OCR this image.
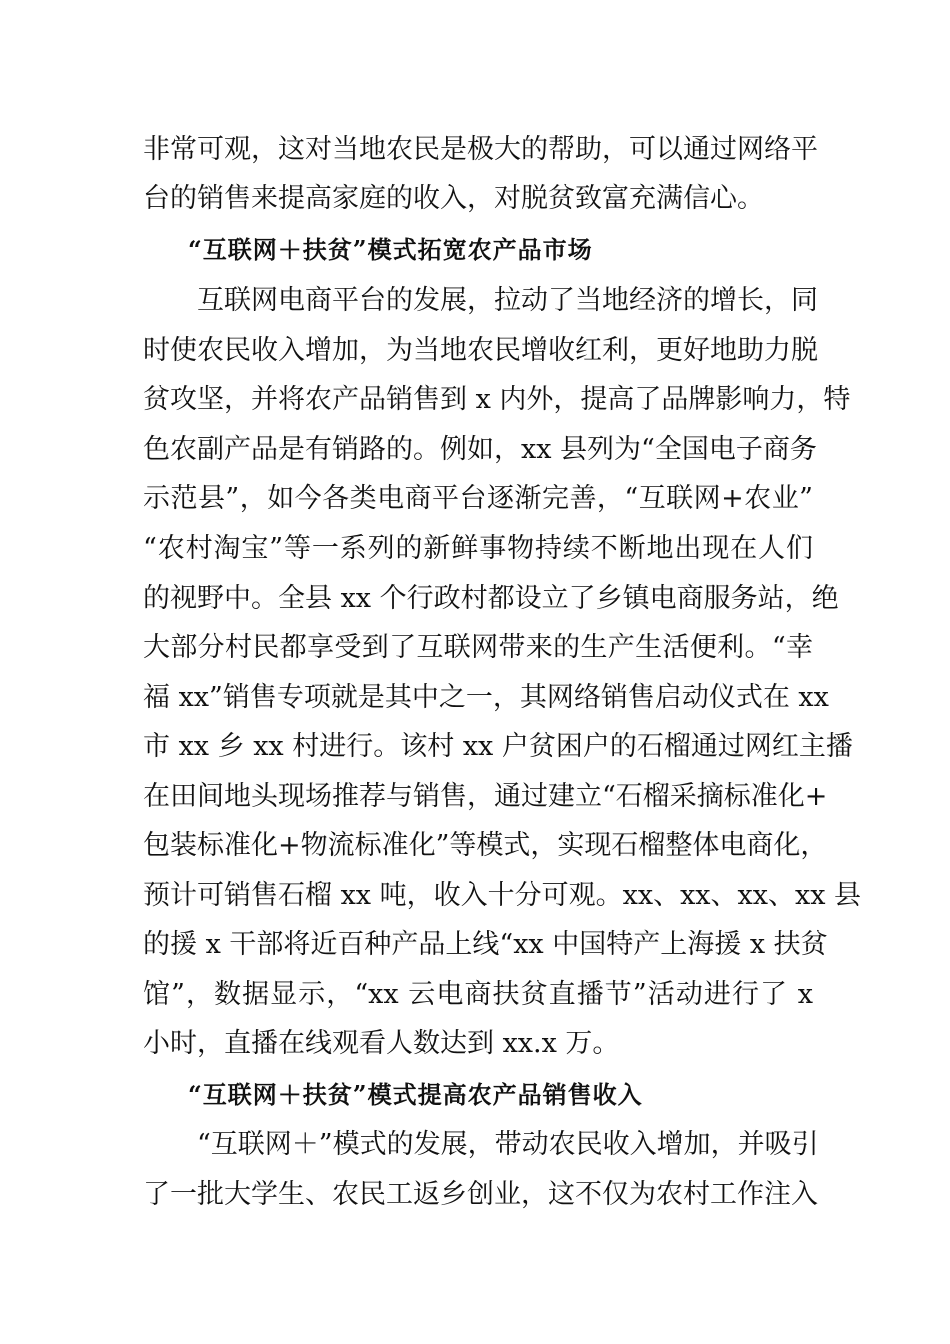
非常可观，这对当地农民是极大的帮助，可以通过网络平
台的销售来提高家庭的收入，对脱贫致富充满信心。
“互联网＋扶贫”模式拓宽农产品市场
互联网电商平台的发展，拉动了当地经济的增长，同
时使农民收入增加，为当地农民增收红利，更好地助力脱
贫攻坚，并将农产品销售到 x 内外，提高了品牌影响力，特
色农副产品是有销路的。例如，xx 县列为“全国电子商务
示范县”，如今各类电商平台逐渐完善，“互联网+农业”
“农村淘宝”等一系列的新鲜事物持续不断地出现在人们
的视野中。全县 xx 个行政村都设立了乡镇电商服务站，绝
大部分村民都享受到了互联网带来的生产生活便利。“幸
福 xx”销售专项就是其中之一，其网络销售启动仪式在 xx
市 xx 乡 xx 村进行。该村 xx 户贫困户的石榴通过网红主播
在田间地头现场推荐与销售，通过建立“石榴采摘标准化+
包装标准化+物流标准化”等模式，实现石榴整体电商化，
预计可销售石榴 xx 吨，收入十分可观。xx、xx、xx、xx 县
的援 x 干部将近百种产品上线“xx 中国特产上海援 x 扶贫
馆”，数据显示，“xx 云电商扶贫直播节”活动进行了 x
小时，直播在线观看人数达到 xx.x 万。
“互联网＋扶贫”模式提高农产品销售收入
“互联网＋”模式的发展，带动农民收入增加，并吸引
了一批大学生、农民工返乡创业，这不仅为农村工作注入
